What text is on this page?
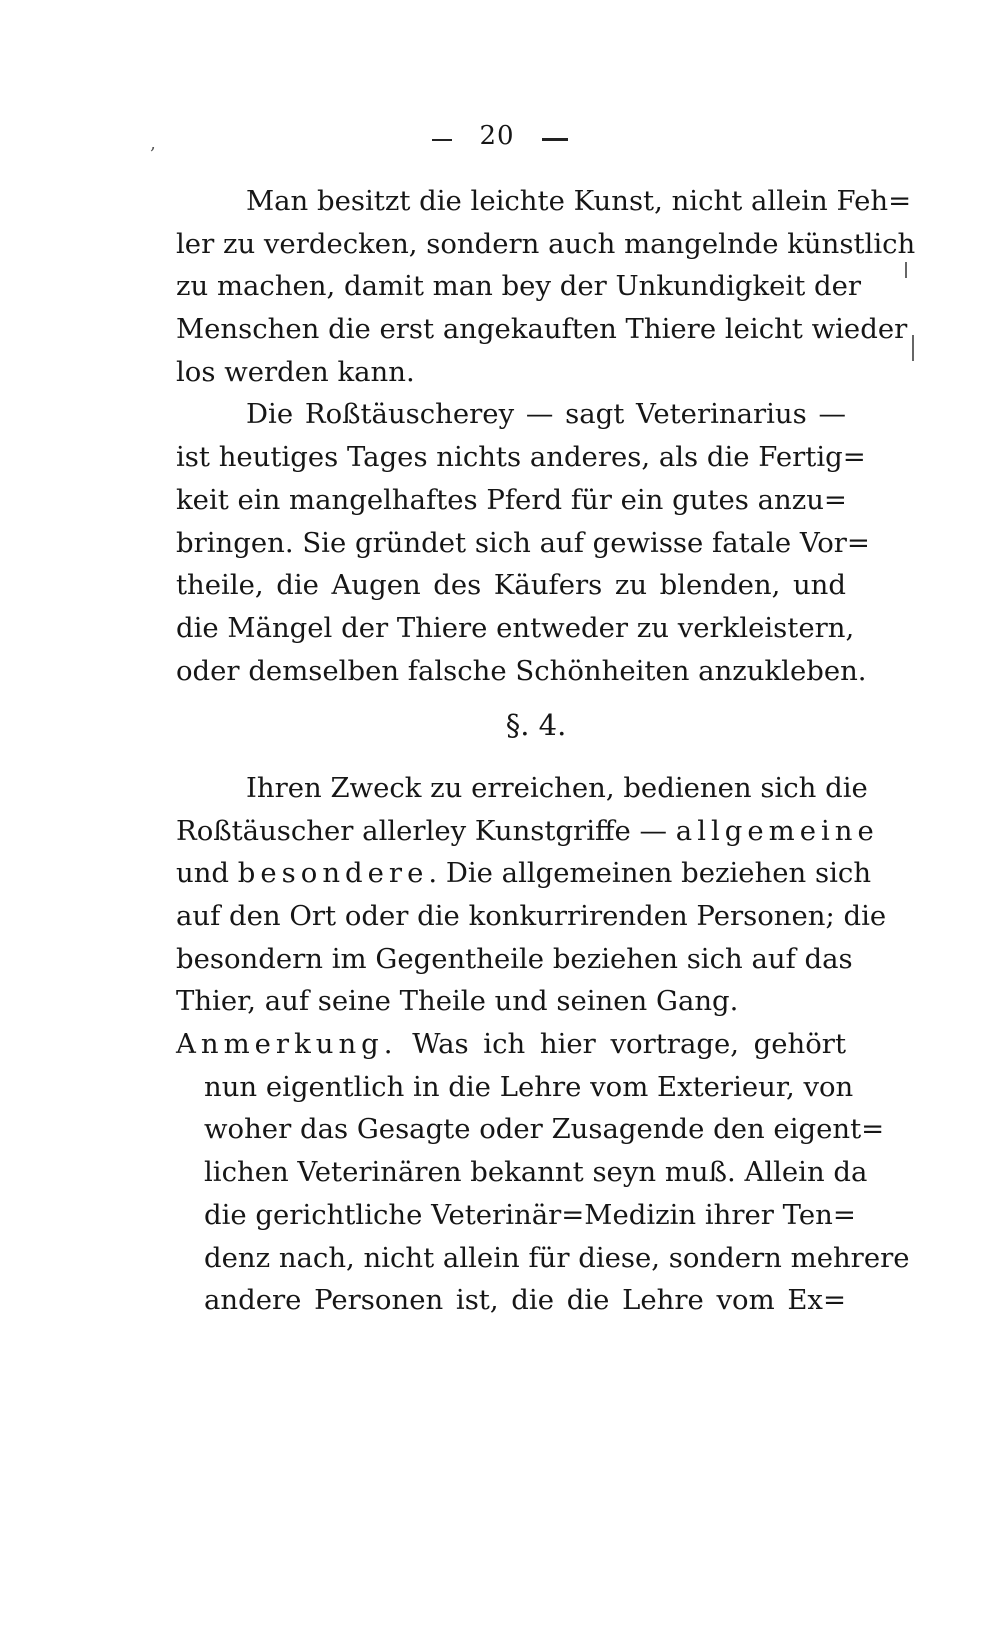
‚	20
Man besitzt die leichte Kunst, nicht allein Feh=
ler zu verdecken, sondern auch mangelnde künstlich
zu machen, damit man bey der Unkundigkeit der
Menschen die erst angekauften Thiere leicht wieder
los werden kann.
Die Roßtäuscherey — sagt Veterinarius —
ist heutiges Tages nichts anderes, als die Fertig=
keit ein mangelhaftes Pferd für ein gutes anzu=
bringen. Sie gründet sich auf gewisse fatale Vor=
theile, die Augen des Käufers zu blenden, und
die Mängel der Thiere entweder zu verkleistern,
oder demselben falsche Schönheiten anzukleben.
§. 4.
Ihren Zweck zu erreichen, bedienen sich die
Roßtäuscher allerley Kunstgriffe — allgemeine
und besondere. Die allgemeinen beziehen sich
auf den Ort oder die konkurrirenden Personen; die
besondern im Gegentheile beziehen sich auf das
Thier, auf seine Theile und seinen Gang.
Anmerkung. Was ich hier vortrage, gehört
nun eigentlich in die Lehre vom Exterieur, von
woher das Gesagte oder Zusagende den eigent=
lichen Veterinären bekannt seyn muß. Allein da
die gerichtliche Veterinär=Medizin ihrer Ten=
denz nach, nicht allein für diese, sondern mehrere
andere Personen ist, die die Lehre vom Ex=
